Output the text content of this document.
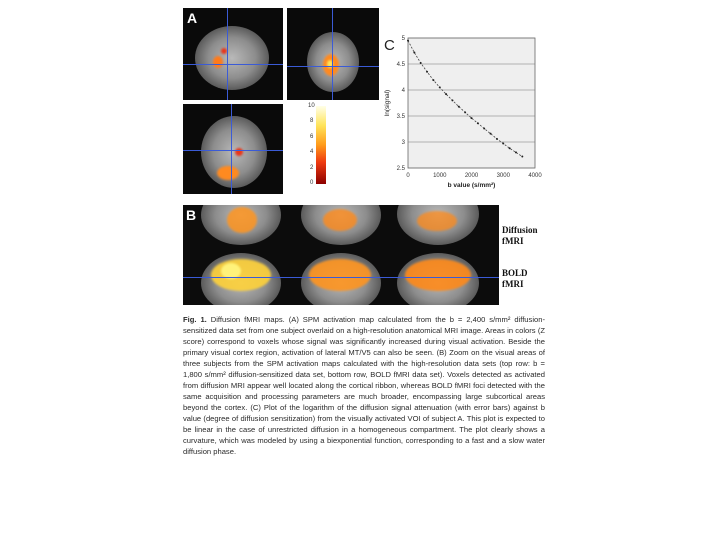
A
10
8
6
4
2
0
2.5
3
3.5
4
4.5
5
0	1000	2000	3000	4000
b value (s/mm²)
ln(signal)
C
B
Diffusion
fMRI
BOLD
fMRI
Fig. 1. Diffusion fMRI maps. (A) SPM activation map calculated from the b = 2,400 s/mm² diffusion-sensitized data set from one subject overlaid on a high-resolution anatomical MRI image. Areas in colors (Z score) correspond to voxels whose signal was significantly increased during visual activation. Beside the primary visual cortex region, activation of lateral MT/V5 can also be seen. (B) Zoom on the visual areas of three subjects from the SPM activation maps calculated with the high-resolution data sets (top row: b = 1,800 s/mm² diffusion-sensitized data set, bottom row, BOLD fMRI data set). Voxels detected as activated from diffusion MRI appear well located along the cortical ribbon, whereas BOLD fMRI foci detected with the same acquisition and processing parameters are much broader, encompassing large subcortical areas beyond the cortex. (C) Plot of the logarithm of the diffusion signal attenuation (with error bars) against b value (degree of diffusion sensitization) from the visually activated VOI of subject A. This plot is expected to be linear in the case of unrestricted diffusion in a homogeneous compartment. The plot clearly shows a curvature, which was modeled by using a biexponential function, corresponding to a fast and a slow water diffusion phase.
